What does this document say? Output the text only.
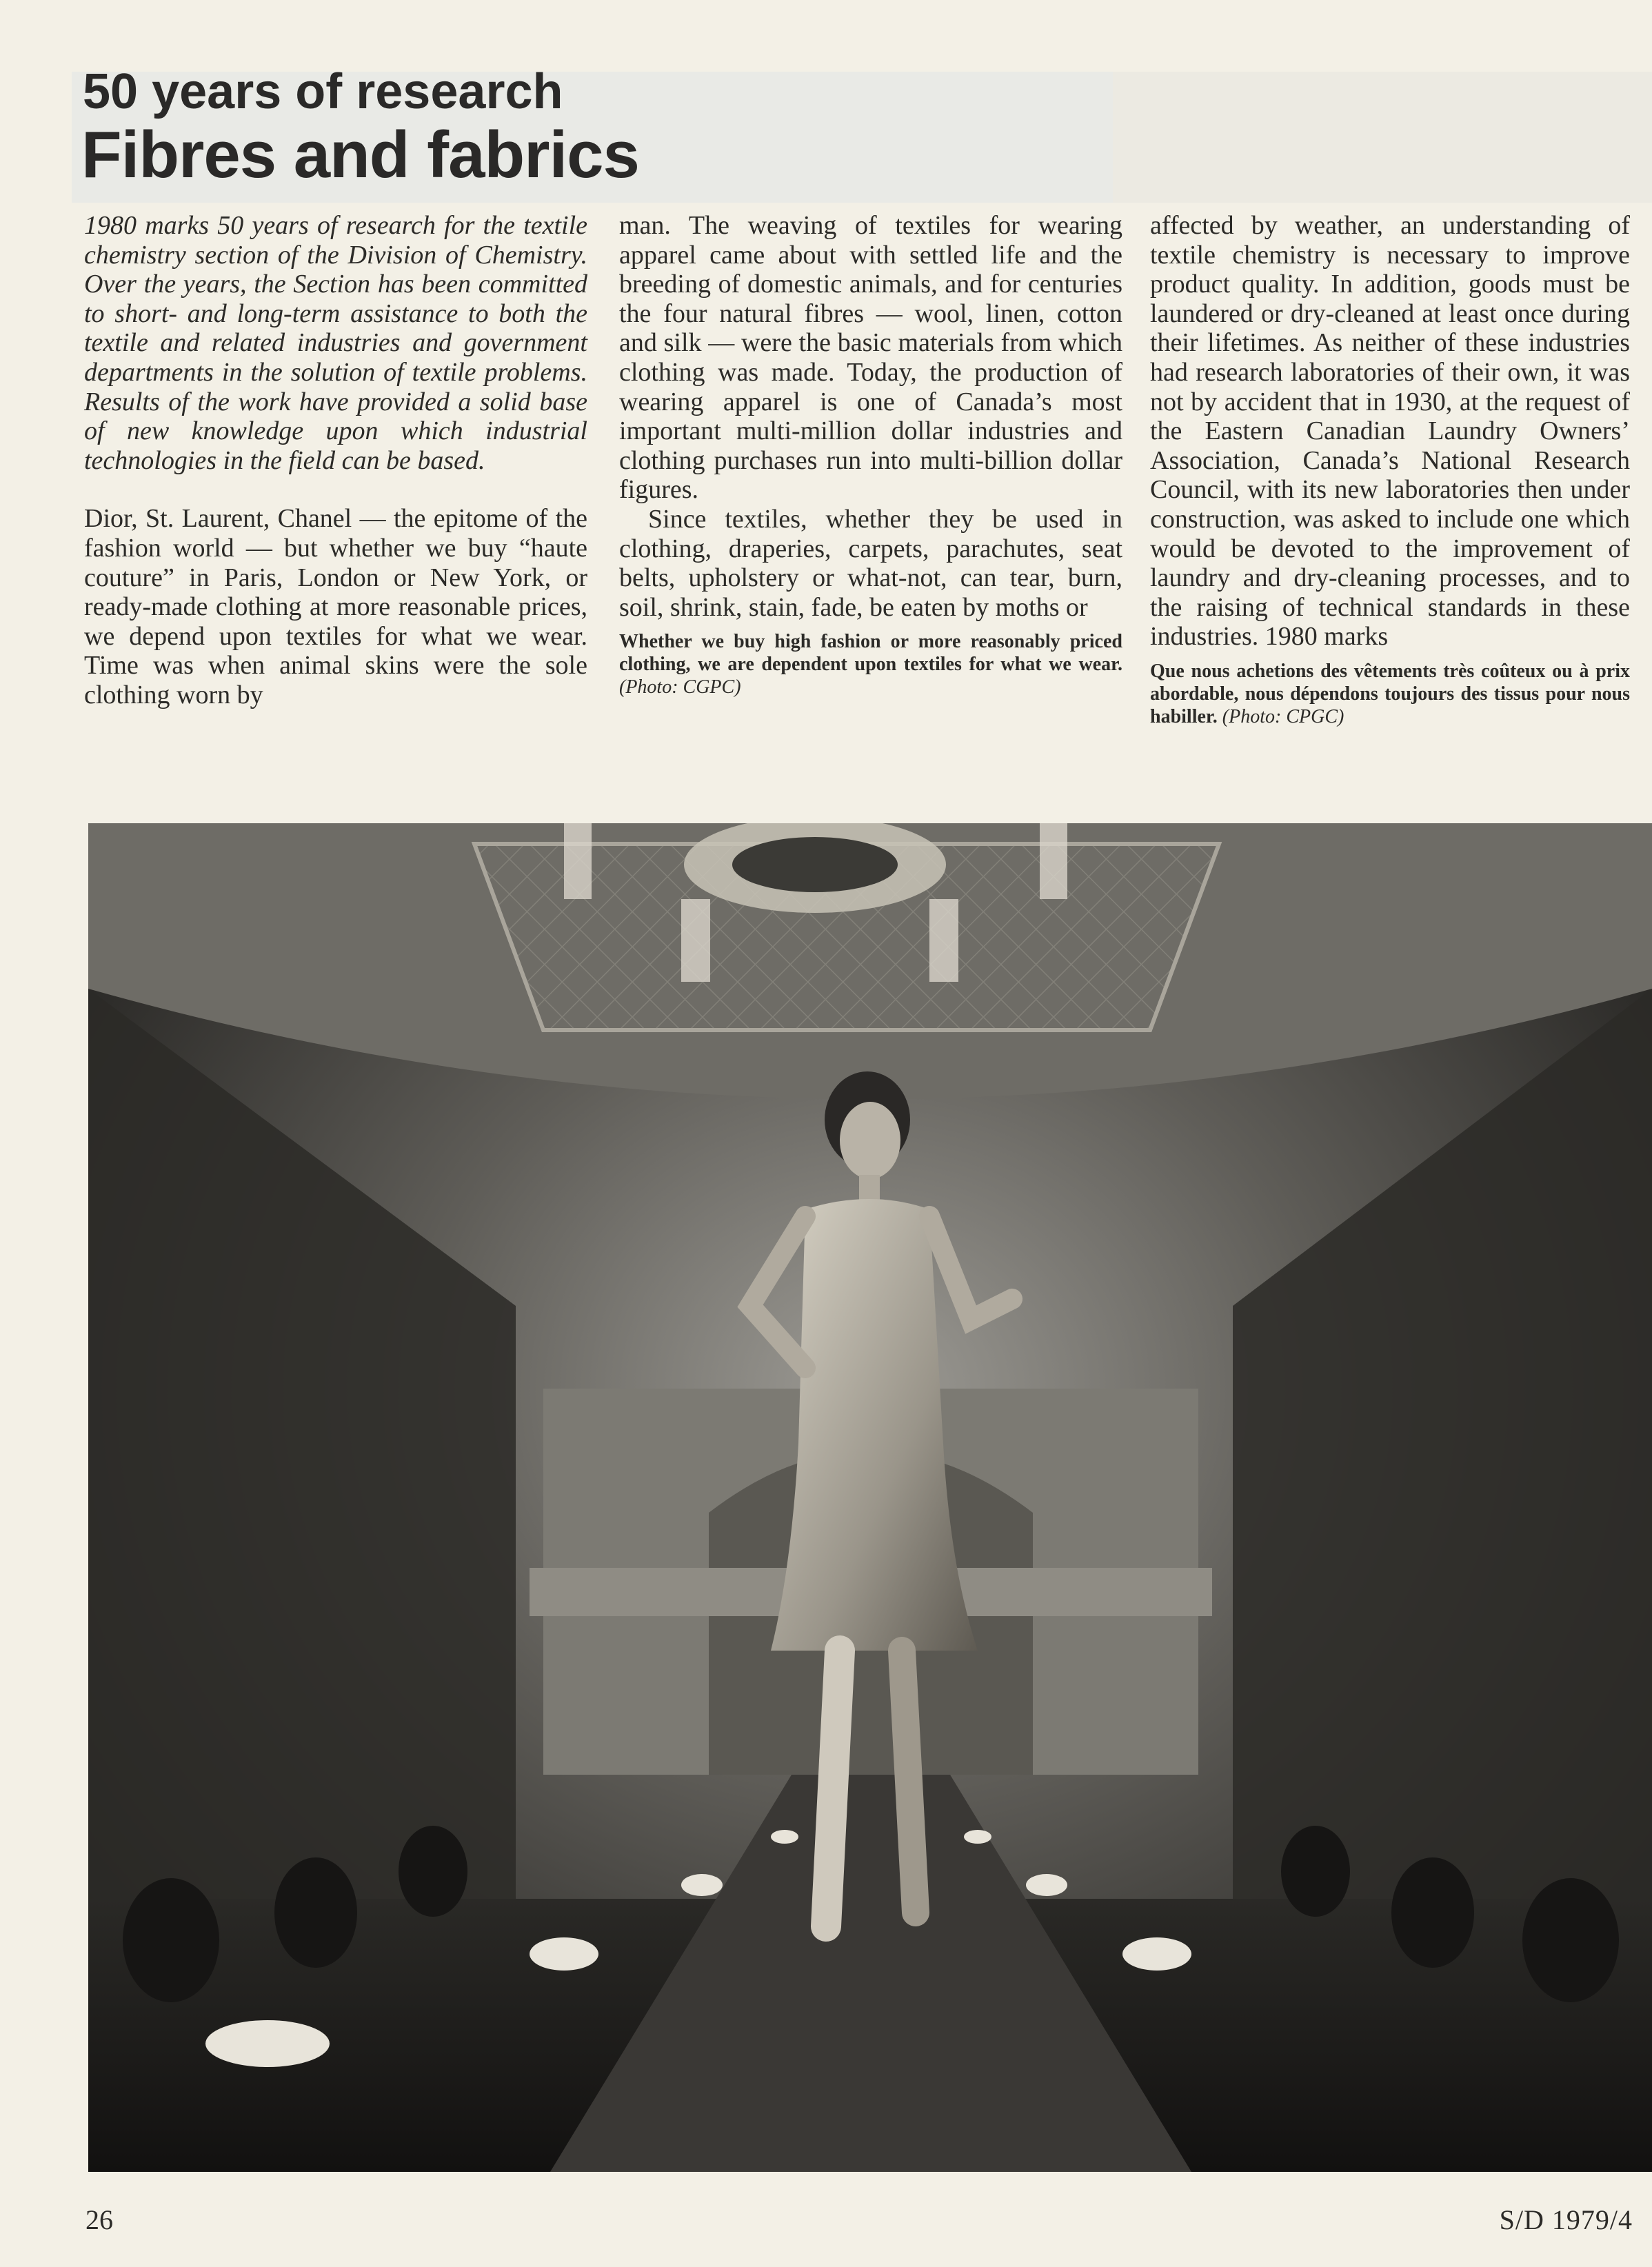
50 years of research
Fibres and fabrics

1980 marks 50 years of research for the textile chemistry section of the Division of Chemistry. Over the years, the Section has been committed to short- and long-term assistance to both the textile and related industries and government departments in the solution of textile problems. Results of the work have provided a solid base of new knowledge upon which industrial technologies in the field can be based.

Dior, St. Laurent, Chanel — the epitome of the fashion world — but whether we buy “haute couture” in Paris, London or New York, or ready-made clothing at more reasonable prices, we depend upon textiles for what we wear. Time was when animal skins were the sole clothing worn by

man. The weaving of textiles for wearing apparel came about with settled life and the breeding of domestic animals, and for centuries the four natural fibres — wool, linen, cotton and silk — were the basic materials from which clothing was made. Today, the production of wearing apparel is one of Canada’s most important multi-million dollar industries and clothing purchases run into multi-billion dollar figures.

Since textiles, whether they be used in clothing, draperies, carpets, parachutes, seat belts, upholstery or what-not, can tear, burn, soil, shrink, stain, fade, be eaten by moths or

Whether we buy high fashion or more reasonably priced clothing, we are dependent upon textiles for what we wear. (Photo: CGPC)

affected by weather, an understanding of textile chemistry is necessary to improve product quality. In addition, goods must be laundered or dry-cleaned at least once during their lifetimes. As neither of these industries had research laboratories of their own, it was not by accident that in 1930, at the request of the Eastern Canadian Laundry Owners’ Association, Canada’s National Research Council, with its new laboratories then under construction, was asked to include one which would be devoted to the improvement of laundry and dry-cleaning processes, and to the raising of technical standards in these industries. 1980 marks

Que nous achetions des vêtements très coûteux ou à prix abordable, nous dépendons toujours des tissus pour nous habiller. (Photo: CPGC)

26	S/D 1979/4
